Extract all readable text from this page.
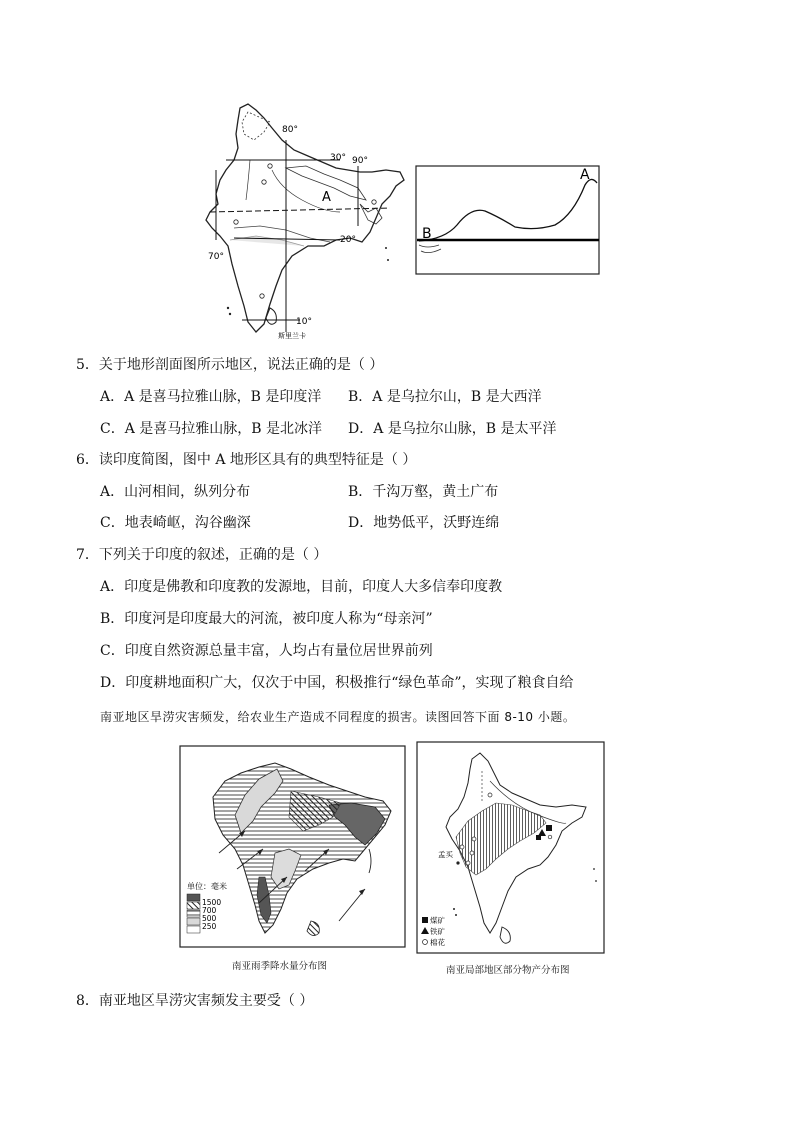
80°
30° 90°
A
20°
70°
10°
斯里兰卡
A
B
5．关于地形剖面图所示地区，说法正确的是（ ）
A．A 是喜马拉雅山脉，B 是印度洋 B．A 是乌拉尔山，B 是大西洋
C．A 是喜马拉雅山脉，B 是北冰洋 D．A 是乌拉尔山脉，B 是太平洋
6．读印度简图，图中 A 地形区具有的典型特征是（ ）
A．山河相间，纵列分布	B．千沟万壑，黄土广布
C．地表崎岖，沟谷幽深	D．地势低平，沃野连绵
7．下列关于印度的叙述，正确的是（ ）
A．印度是佛教和印度教的发源地，目前，印度人大多信奉印度教
B．印度河是印度最大的河流，被印度人称为“母亲河”
C．印度自然资源总量丰富，人均占有量位居世界前列
D．印度耕地面积广大，仅次于中国，积极推行“绿色革命”，实现了粮食自给
南亚地区旱涝灾害频发，给农业生产造成不同程度的损害。读图回答下面 8-10 小题。
单位：毫米
1500
700
500
250
南亚雨季降水量分布图
孟买
煤矿
铁矿
棉花
南亚局部地区部分物产分布图
8．南亚地区旱涝灾害频发主要受（ ）
